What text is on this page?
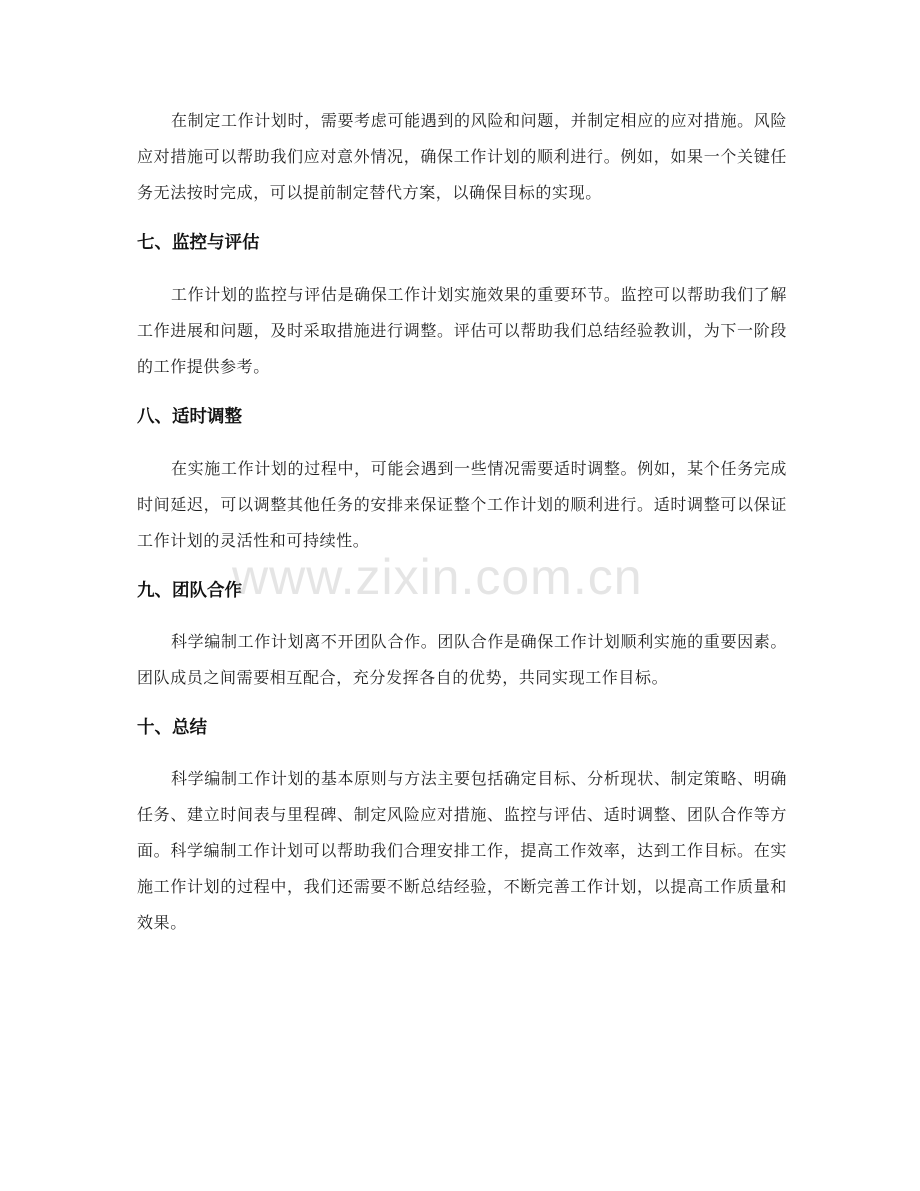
在制定工作计划时，需要考虑可能遇到的风险和问题，并制定相应的应对措施。风险应对措施可以帮助我们应对意外情况，确保工作计划的顺利进行。例如，如果一个关键任务无法按时完成，可以提前制定替代方案，以确保目标的实现。

七、监控与评估

工作计划的监控与评估是确保工作计划实施效果的重要环节。监控可以帮助我们了解工作进展和问题，及时采取措施进行调整。评估可以帮助我们总结经验教训，为下一阶段的工作提供参考。

八、适时调整

在实施工作计划的过程中，可能会遇到一些情况需要适时调整。例如，某个任务完成时间延迟，可以调整其他任务的安排来保证整个工作计划的顺利进行。适时调整可以保证工作计划的灵活性和可持续性。

九、团队合作

科学编制工作计划离不开团队合作。团队合作是确保工作计划顺利实施的重要因素。团队成员之间需要相互配合，充分发挥各自的优势，共同实现工作目标。

十、总结

科学编制工作计划的基本原则与方法主要包括确定目标、分析现状、制定策略、明确任务、建立时间表与里程碑、制定风险应对措施、监控与评估、适时调整、团队合作等方面。科学编制工作计划可以帮助我们合理安排工作，提高工作效率，达到工作目标。在实施工作计划的过程中，我们还需要不断总结经验，不断完善工作计划，以提高工作质量和效果。

www.zixin.com.cn
